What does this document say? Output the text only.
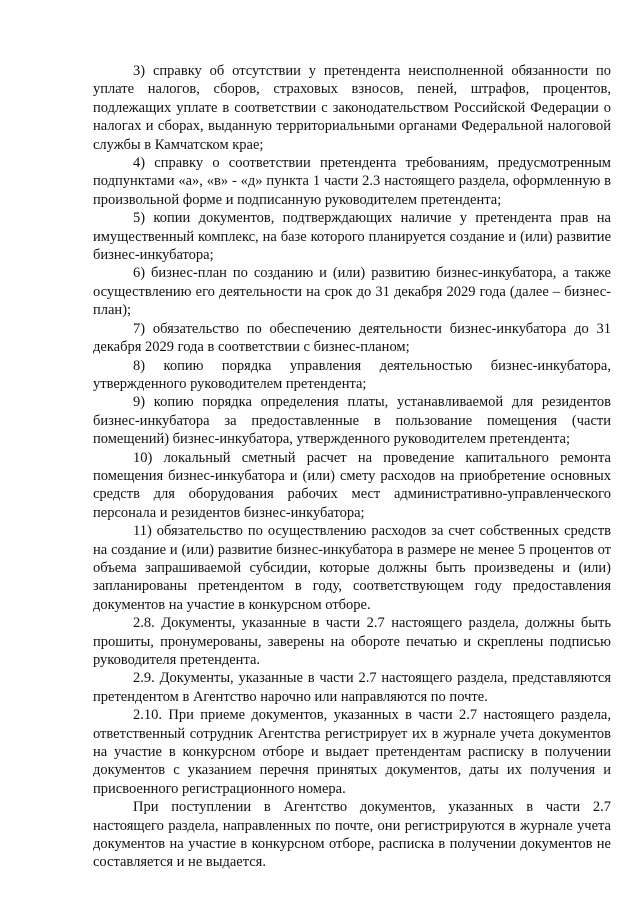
3) справку об отсутствии у претендента неисполненной обязанности по уплате налогов, сборов, страховых взносов, пеней, штрафов, процентов, подлежащих уплате в соответствии с законодательством Российской Федерации о налогах и сборах, выданную территориальными органами Федеральной налоговой службы в Камчатском крае;

4) справку о соответствии претендента требованиям, предусмотренным подпунктами «а», «в» - «д» пункта 1 части 2.3 настоящего раздела, оформленную в произвольной форме и подписанную руководителем претендента;

5) копии документов, подтверждающих наличие у претендента прав на имущественный комплекс, на базе которого планируется создание и (или) развитие бизнес-инкубатора;

6) бизнес-план по созданию и (или) развитию бизнес-инкубатора, а также осуществлению его деятельности на срок до 31 декабря 2029 года (далее – бизнес-план);

7) обязательство по обеспечению деятельности бизнес-инкубатора до 31 декабря 2029 года в соответствии с бизнес-планом;

8) копию порядка управления деятельностью бизнес-инкубатора, утвержденного руководителем претендента;

9) копию порядка определения платы, устанавливаемой для резидентов бизнес-инкубатора за предоставленные в пользование помещения (части помещений) бизнес-инкубатора, утвержденного руководителем претендента;

10) локальный сметный расчет на проведение капитального ремонта помещения бизнес-инкубатора и (или) смету расходов на приобретение основных средств для оборудования рабочих мест административно-управленческого персонала и резидентов бизнес-инкубатора;

11) обязательство по осуществлению расходов за счет собственных средств на создание и (или) развитие бизнес-инкубатора в размере не менее 5 процентов от объема запрашиваемой субсидии, которые должны быть произведены и (или) запланированы претендентом в году, соответствующем году предоставления документов на участие в конкурсном отборе.

2.8. Документы, указанные в части 2.7 настоящего раздела, должны быть прошиты, пронумерованы, заверены на обороте печатью и скреплены подписью руководителя претендента.

2.9. Документы, указанные в части 2.7 настоящего раздела, представляются претендентом в Агентство нарочно или направляются по почте.

2.10. При приеме документов, указанных в части 2.7 настоящего раздела, ответственный сотрудник Агентства регистрирует их в журнале учета документов на участие в конкурсном отборе и выдает претендентам расписку в получении документов с указанием перечня принятых документов, даты их получения и присвоенного регистрационного номера.

При поступлении в Агентство документов, указанных в части 2.7 настоящего раздела, направленных по почте, они регистрируются в журнале учета документов на участие в конкурсном отборе, расписка в получении документов не составляется и не выдается.
